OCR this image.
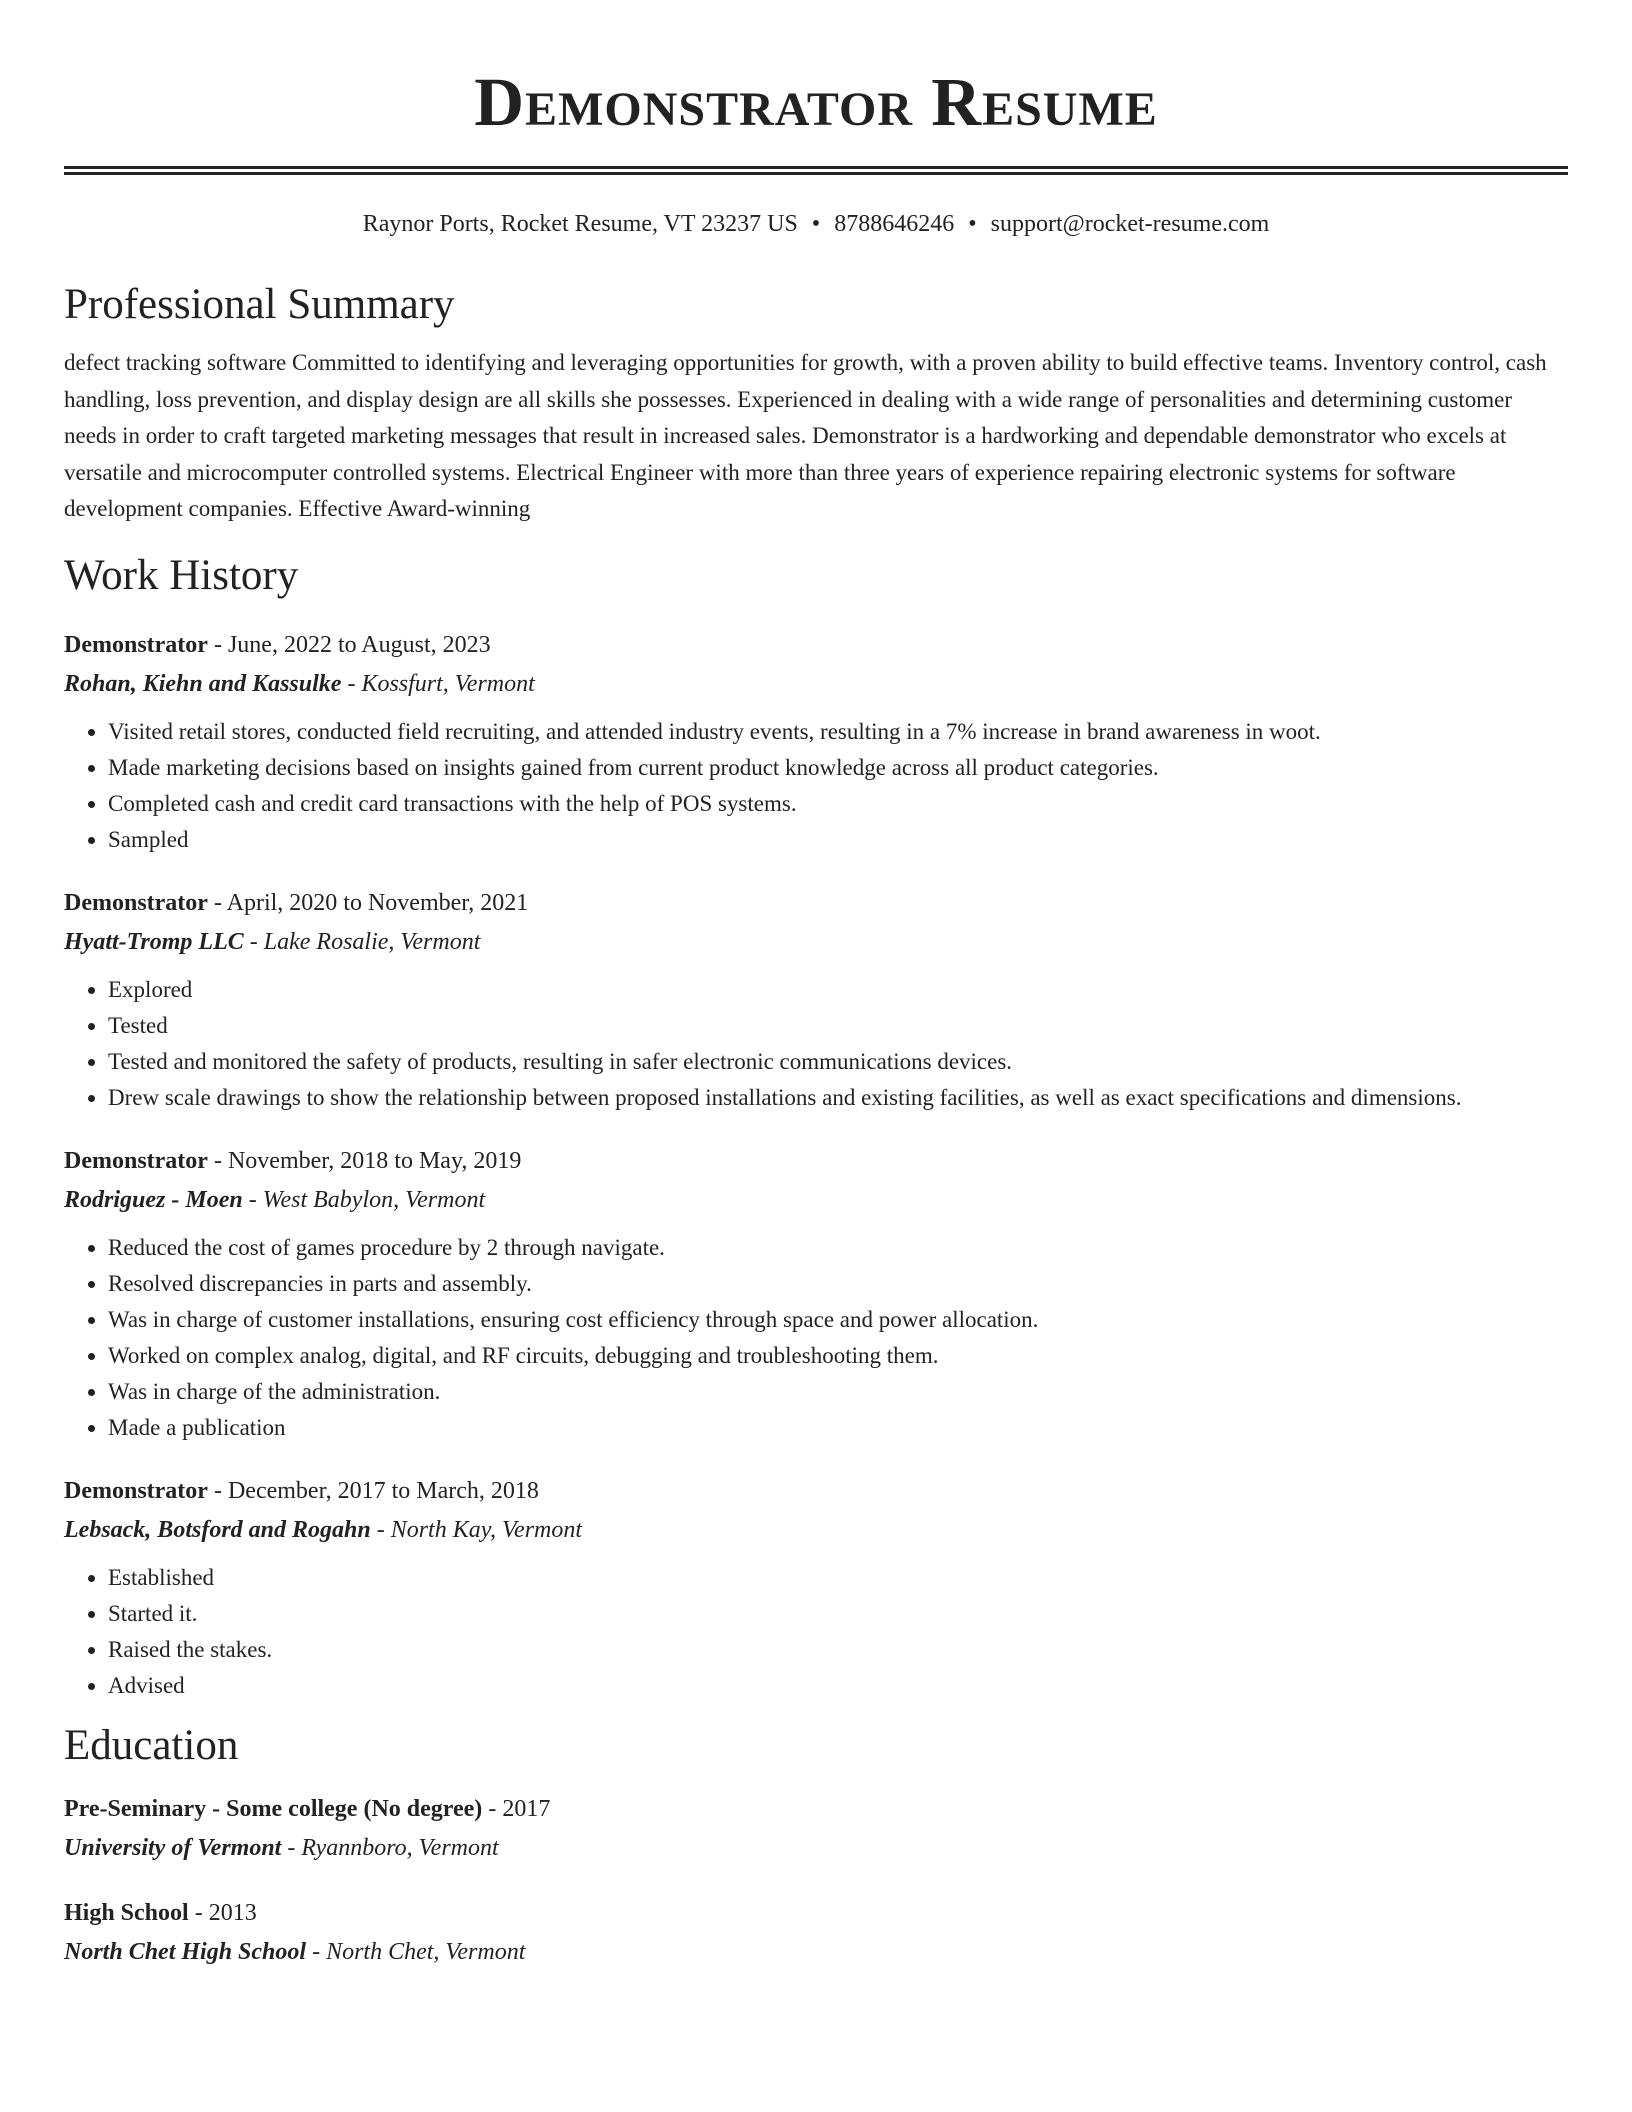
Demonstrator Resume
Raynor Ports, Rocket Resume, VT 23237 US • 8788646246 • support@rocket-resume.com
Professional Summary
defect tracking software Committed to identifying and leveraging opportunities for growth, with a proven ability to build effective teams. Inventory control, cash handling, loss prevention, and display design are all skills she possesses. Experienced in dealing with a wide range of personalities and determining customer needs in order to craft targeted marketing messages that result in increased sales. Demonstrator is a hardworking and dependable demonstrator who excels at versatile and microcomputer controlled systems. Electrical Engineer with more than three years of experience repairing electronic systems for software development companies. Effective Award-winning
Work History
Demonstrator - June, 2022 to August, 2023
Rohan, Kiehn and Kassulke - Kossfurt, Vermont
• Visited retail stores, conducted field recruiting, and attended industry events, resulting in a 7% increase in brand awareness in woot.
• Made marketing decisions based on insights gained from current product knowledge across all product categories.
• Completed cash and credit card transactions with the help of POS systems.
• Sampled
Demonstrator - April, 2020 to November, 2021
Hyatt-Tromp LLC - Lake Rosalie, Vermont
• Explored
• Tested
• Tested and monitored the safety of products, resulting in safer electronic communications devices.
• Drew scale drawings to show the relationship between proposed installations and existing facilities, as well as exact specifications and dimensions.
Demonstrator - November, 2018 to May, 2019
Rodriguez - Moen - West Babylon, Vermont
• Reduced the cost of games procedure by 2 through navigate.
• Resolved discrepancies in parts and assembly.
• Was in charge of customer installations, ensuring cost efficiency through space and power allocation.
• Worked on complex analog, digital, and RF circuits, debugging and troubleshooting them.
• Was in charge of the administration.
• Made a publication
Demonstrator - December, 2017 to March, 2018
Lebsack, Botsford and Rogahn - North Kay, Vermont
• Established
• Started it.
• Raised the stakes.
• Advised
Education
Pre-Seminary - Some college (No degree) - 2017
University of Vermont - Ryannboro, Vermont
High School - 2013
North Chet High School - North Chet, Vermont
